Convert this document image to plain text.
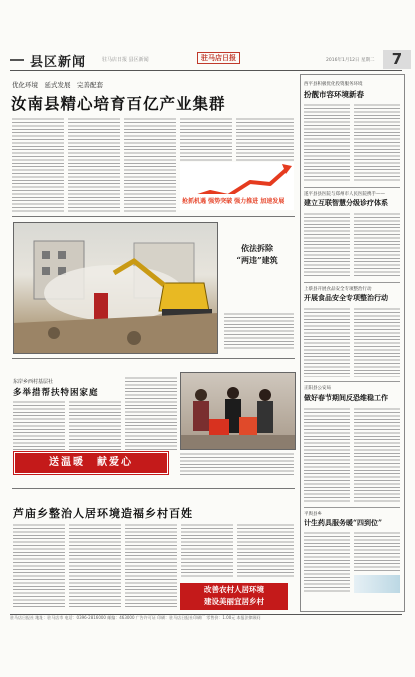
县区新闻	驻马店日报 县区新闻	驻马店日报	2016年1月12日 星期二	7
优化环境　延式发展　完善配套
汝南县精心培育百亿产业集群
抢抓机遇 强势突破 强力推进 加速发展
依法拆除
“两违”建筑
东岸乡西村基层社
多举措帮扶特困家庭
送温暖　献爱心
芦庙乡整治人居环境造福乡村百姓
改善农村人居环境
建设美丽宜居乡村
西平县积极优化投资服务环境
扮靓市容环境新春
遂平县县医院与郑州市人民医院携手——
建立互联智慧分级诊疗体系
上蔡县开展食品安全专项整治行动
开展食品安全专项整治行动
正阳县公安局
做好春节期间反恐维稳工作
平舆县乡
计生药具服务暖“四到位”
驻马店日报社 地址：驻马店市 电话：0396-2816000 邮编：463000 广告许可证 印刷：驻马店日报社印刷厂 零售价：1.00元 本报法律顾问
